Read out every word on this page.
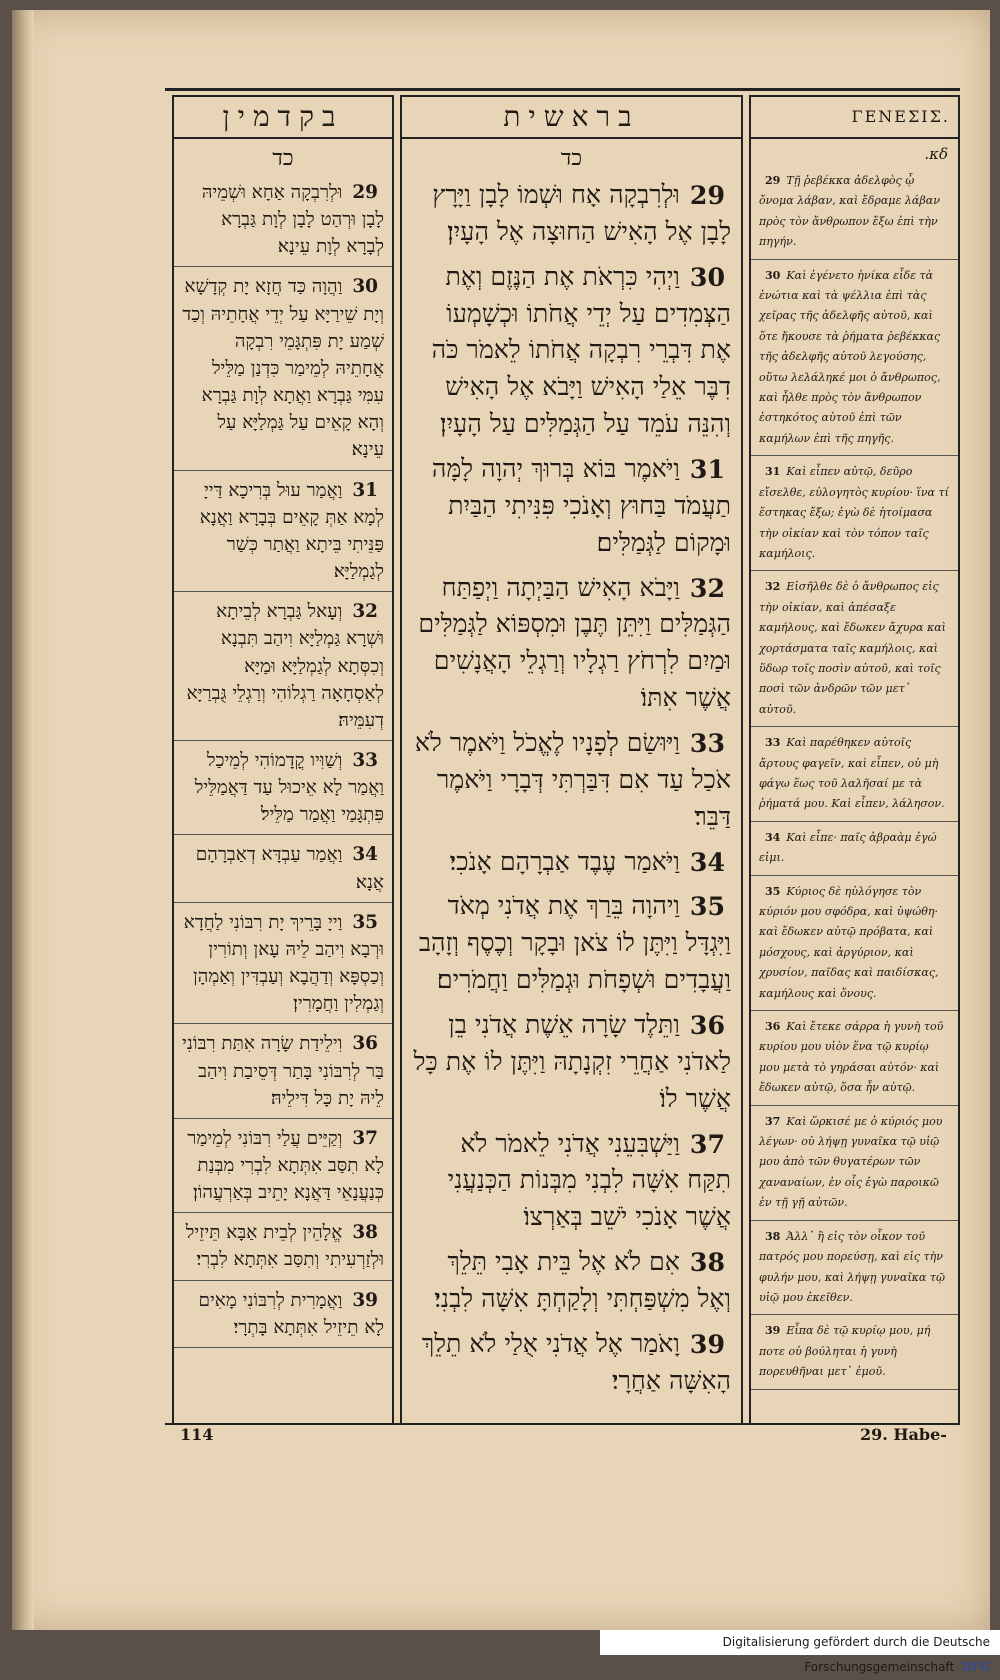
בקדמין
כד
29
וּלְרִבְקָה אַחָא וּשְׁמֵיהּ לָבָן וּרְהַט לָבָן לְוָת גַּבְרָא לְבָרָא לְוָת עֵינָא׃
30
וַהֲוָה כַּד חֲזָא יָת קְדָשָׁא וְיָת שֵׁירַיָּא עַל יְדֵי אֲחָתֵיהּ וְכַד שְׁמַע יָת פִּתְגָּמֵי רִבְקָה אֲחָתֵיהּ לְמֵימַר כִּדְנַן מַלֵּיל עִמִּי גַּבְרָא וַאֲתָא לְוָת גַּבְרָא וְהָא קָאֵים עַל גַּמְלַיָּא עַל עֵינָא׃
31
וַאֲמַר עוּל בְּרִיכָא דַּייָ לְמָא אַתְּ קָאֵים בְּבָרָא וַאֲנָא פַּנֵּיתִי בֵּיתָא וַאֲתַר כְּשַׁר לְגַמְלַיָּא׃
32
וְעָאל גַּבְרָא לְבֵיתָא וּשְׁרָא גַּמְלַיָּא וִיהַב תִּבְנָא וְכִסְּתָא לְגַמְלַיָּא וּמַיָּא לְאַסְחָאָה רַגְלוֹהִי וְרַגְלֵי גֻּבְרַיָּא דְעִמֵּיהּ׃
33
וְשַׁוִּיו קֳדָמוֹהִי לְמֵיכַל וַאֲמַר לָא אֵיכוּל עַד דַּאֲמַלֵּיל פִּתְגָּמַי וַאֲמַר מַלֵּיל׃
34
וַאֲמַר עַבְדָּא דְאַבְרָהָם אֲנָא׃
35
וַייָ בָּרֵיךְ יָת רִבּוֹנִי לַחֲדָא וּרְבָא וִיהַב לֵיהּ עָאן וְתוֹרִין וְכַסְפָּא וְדַהֲבָא וְעַבְדִּין וְאַמְהָן וְגַמְלִין וַחֲמָרִין׃
36
וִילֵידַת שָׂרָה אִתַּת רִבּוֹנִי בַּר לְרִבּוֹנִי בָּתַר דְּסֵיבַת וִיהַב לֵיהּ יָת כָּל דִּילֵיהּ׃
37
וְקַיֵּים עֲלַי רִבּוֹנִי לְמֵימַר לָא תִסַּב אִתְּתָא לִבְרִי מִבְּנַת כְּנַעֲנָאֵי דַּאֲנָא יָתֵיב בְּאַרְעֲהוֹן׃
38
אֱלָהֵין לְבֵית אַבָּא תֵּיזֵיל וּלְזַרְעִיתִי וְתִסַּב אִתְּתָא לִבְרִי׃
39
וַאֲמָרִית לְרִבּוֹנִי מָאִים לָא תֵיזֵיל אִתְּתָא בָּתְרָי׃
בראשית
כד
29
וּלְרִבְקָה אָח וּשְׁמוֹ לָבָן וַיָּרָץ לָבָן אֶל הָאִישׁ הַחוּצָה אֶל הָעָיִן׃
30
וַיְהִי כִּרְאֹת אֶת הַנֶּזֶם וְאֶת הַצְּמִדִים עַל יְדֵי אֲחֹתוֹ וּכְשָׁמְעוֹ אֶת דִּבְרֵי רִבְקָה אֲחֹתוֹ לֵאמֹר כֹּה דִבֶּר אֵלַי הָאִישׁ וַיָּבֹא אֶל הָאִישׁ וְהִנֵּה עֹמֵד עַל הַגְּמַלִּים עַל הָעָיִן׃
31
וַיֹּאמֶר בּוֹא בְּרוּךְ יְהוָה לָמָּה תַעֲמֹד בַּחוּץ וְאָנֹכִי פִּנִּיתִי הַבַּיִת וּמָקוֹם לַגְּמַלִּים׃
32
וַיָּבֹא הָאִישׁ הַבַּיְתָה וַיְפַתַּח הַגְּמַלִּים וַיִּתֵּן תֶּבֶן וּמִסְפּוֹא לַגְּמַלִּים וּמַיִם לִרְחֹץ רַגְלָיו וְרַגְלֵי הָאֲנָשִׁים אֲשֶׁר אִתּוֹ׃
33
וַיּוּשַׂם לְפָנָיו לֶאֱכֹל וַיֹּאמֶר לֹא אֹכַל עַד אִם דִּבַּרְתִּי דְּבָרָי וַיֹּאמֶר דַּבֵּר׃
34
וַיֹּאמַר עֶבֶד אַבְרָהָם אָנֹכִי׃
35
וַיהוָה בֵּרַךְ אֶת אֲדֹנִי מְאֹד וַיִּגְדָּל וַיִּתֶּן לוֹ צֹאן וּבָקָר וְכֶסֶף וְזָהָב וַעֲבָדִים וּשְׁפָחֹת וּגְמַלִּים וַחֲמֹרִים׃
36
וַתֵּלֶד שָׂרָה אֵשֶׁת אֲדֹנִי בֵן לַאדֹנִי אַחֲרֵי זִקְנָתָהּ וַיִּתֶּן לוֹ אֶת כָּל אֲשֶׁר לוֹ׃
37
וַיַּשְׁבִּעֵנִי אֲדֹנִי לֵאמֹר לֹא תִקַּח אִשָּׁה לִבְנִי מִבְּנוֹת הַכְּנַעֲנִי אֲשֶׁר אָנֹכִי יֹשֵׁב בְּאַרְצוֹ׃
38
אִם לֹא אֶל בֵּית אָבִי תֵּלֵךְ וְאֶל מִשְׁפַּחְתִּי וְלָקַחְתָּ אִשָּׁה לִבְנִי׃
39
וָאֹמַר אֶל אֲדֹנִי אֻלַי לֹא תֵלֵךְ הָאִשָּׁה אַחֲרָי׃
ΓΕΝΕΣΙΣ.
κδ.
29 Τῇ ῥεβέκκα ἀδελφὸς ᾦ ὄνομα λάβαν, καὶ ἔδραμε λάβαν πρὸς τὸν ἄνθρωπον ἔξω ἐπὶ τὴν πηγήν.
30 Καὶ ἐγένετο ἡνίκα εἶδε τὰ ἐνώτια καὶ τὰ ψέλλια ἐπὶ τὰς χεῖρας τῆς ἀδελφῆς αὐτοῦ, καὶ ὅτε ἤκουσε τὰ ῥήματα ῥεβέκκας τῆς ἀδελφῆς αὐτοῦ λεγούσης, οὕτω λελάληκέ μοι ὁ ἄνθρωπος, καὶ ἦλθε πρὸς τὸν ἄνθρωπον ἑστηκότος αὐτοῦ ἐπὶ τῶν καμήλων ἐπὶ τῆς πηγῆς.
31 Καὶ εἶπεν αὐτῷ, δεῦρο εἴσελθε, εὐλογητὸς κυρίου· ἵνα τί ἕστηκας ἔξω; ἐγὼ δὲ ἡτοίμασα τὴν οἰκίαν καὶ τὸν τόπον ταῖς καμήλοις.
32 Εἰσῆλθε δὲ ὁ ἄνθρωπος εἰς τὴν οἰκίαν, καὶ ἀπέσαξε καμήλους, καὶ ἔδωκεν ἄχυρα καὶ χορτάσματα ταῖς καμήλοις, καὶ ὕδωρ τοῖς ποσὶν αὐτοῦ, καὶ τοῖς ποσὶ τῶν ἀνδρῶν τῶν μετ᾽ αὐτοῦ.
33 Καὶ παρέθηκεν αὐτοῖς ἄρτους φαγεῖν, καὶ εἶπεν, οὐ μὴ φάγω ἕως τοῦ λαλῆσαί με τὰ ῥήματά μου. Καὶ εἶπεν, λάλησον.
34 Καὶ εἶπε· παῖς ἀβραὰμ ἐγώ εἰμι.
35 Κύριος δὲ ηὐλόγησε τὸν κύριόν μου σφόδρα, καὶ ὑψώθη· καὶ ἔδωκεν αὐτῷ πρόβατα, καὶ μόσχους, καὶ ἀργύριον, καὶ χρυσίον, παῖδας καὶ παιδίσκας, καμήλους καὶ ὄνους.
36 Καὶ ἔτεκε σάρρα ἡ γυνὴ τοῦ κυρίου μου υἱὸν ἕνα τῷ κυρίῳ μου μετὰ τὸ γηράσαι αὐτόν· καὶ ἔδωκεν αὐτῷ, ὅσα ἦν αὐτῷ.
37 Καὶ ὥρκισέ με ὁ κύριός μου λέγων· οὐ λήψῃ γυναῖκα τῷ υἱῷ μου ἀπὸ τῶν θυγατέρων τῶν χαναναίων, ἐν οἷς ἐγὼ παροικῶ ἐν τῇ γῇ αὐτῶν.
38 Ἀλλ᾽ ἢ εἰς τὸν οἶκον τοῦ πατρός μου πορεύσῃ, καὶ εἰς τὴν φυλήν μου, καὶ λήψῃ γυναῖκα τῷ υἱῷ μου ἐκεῖθεν.
39 Εἶπα δὲ τῷ κυρίῳ μου, μή ποτε οὐ βούληται ἡ γυνὴ πορευθῆναι μετ᾽ ἐμοῦ.
114	29. Habe-
Digitalisierung gefördert durch die Deutsche Forschungsgemeinschaft DFG
